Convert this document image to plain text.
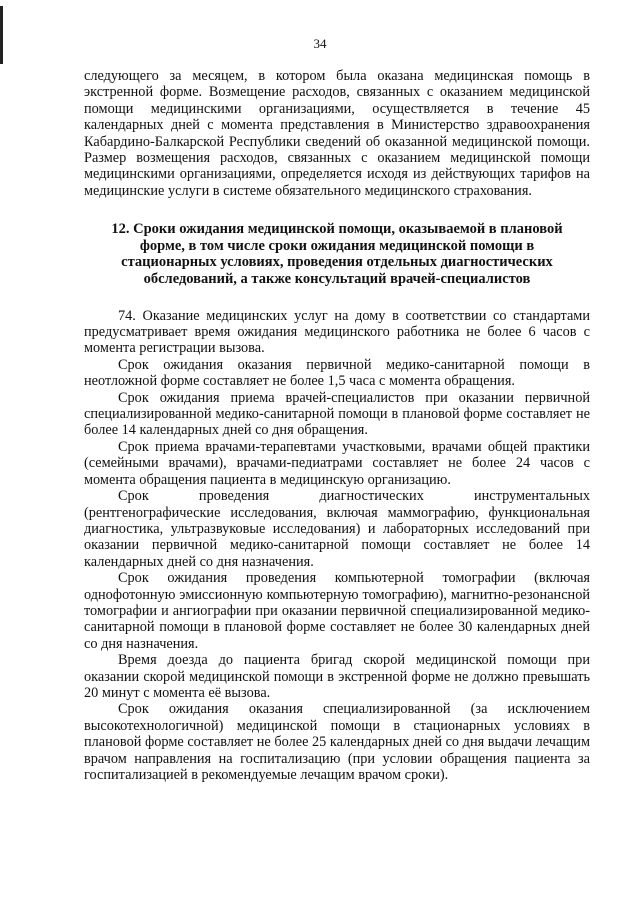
34

следующего за месяцем, в котором была оказана медицинская помощь в экстренной форме. Возмещение расходов, связанных с оказанием медицинской помощи медицинскими организациями, осуществляется в течение 45 календарных дней с момента представления в Министерство здравоохранения Кабардино-Балкарской Республики сведений об оказанной медицинской помощи. Размер возмещения расходов, связанных с оказанием медицинской помощи медицинскими организациями, определяется исходя из действующих тарифов на медицинские услуги в системе обязательного медицинского страхования.

12. Сроки ожидания медицинской помощи, оказываемой в плановой форме, в том числе сроки ожидания медицинской помощи в стационарных условиях, проведения отдельных диагностических обследований, а также консультаций врачей-специалистов

74. Оказание медицинских услуг на дому в соответствии со стандартами предусматривает время ожидания медицинского работника не более 6 часов с момента регистрации вызова.

Срок ожидания оказания первичной медико-санитарной помощи в неотложной форме составляет не более 1,5 часа с момента обращения.

Срок ожидания приема врачей-специалистов при оказании первичной специализированной медико-санитарной помощи в плановой форме составляет не более 14 календарных дней со дня обращения.

Срок приема врачами-терапевтами участковыми, врачами общей практики (семейными врачами), врачами-педиатрами составляет не более 24 часов с момента обращения пациента в медицинскую организацию.

Срок проведения диагностических инструментальных (рентгенографические исследования, включая маммографию, функциональная диагностика, ультразвуковые исследования) и лабораторных исследований при оказании первичной медико-санитарной помощи составляет не более 14 календарных дней со дня назначения.

Срок ожидания проведения компьютерной томографии (включая однофотонную эмиссионную компьютерную томографию), магнитно-резонансной томографии и ангиографии при оказании первичной специализированной медико-санитарной помощи в плановой форме составляет не более 30 календарных дней со дня назначения.

Время доезда до пациента бригад скорой медицинской помощи при оказании скорой медицинской помощи в экстренной форме не должно превышать 20 минут с момента её вызова.

Срок ожидания оказания специализированной (за исключением высокотехнологичной) медицинской помощи в стационарных условиях в плановой форме составляет не более 25 календарных дней со дня выдачи лечащим врачом направления на госпитализацию (при условии обращения пациента за госпитализацией в рекомендуемые лечащим врачом сроки).
